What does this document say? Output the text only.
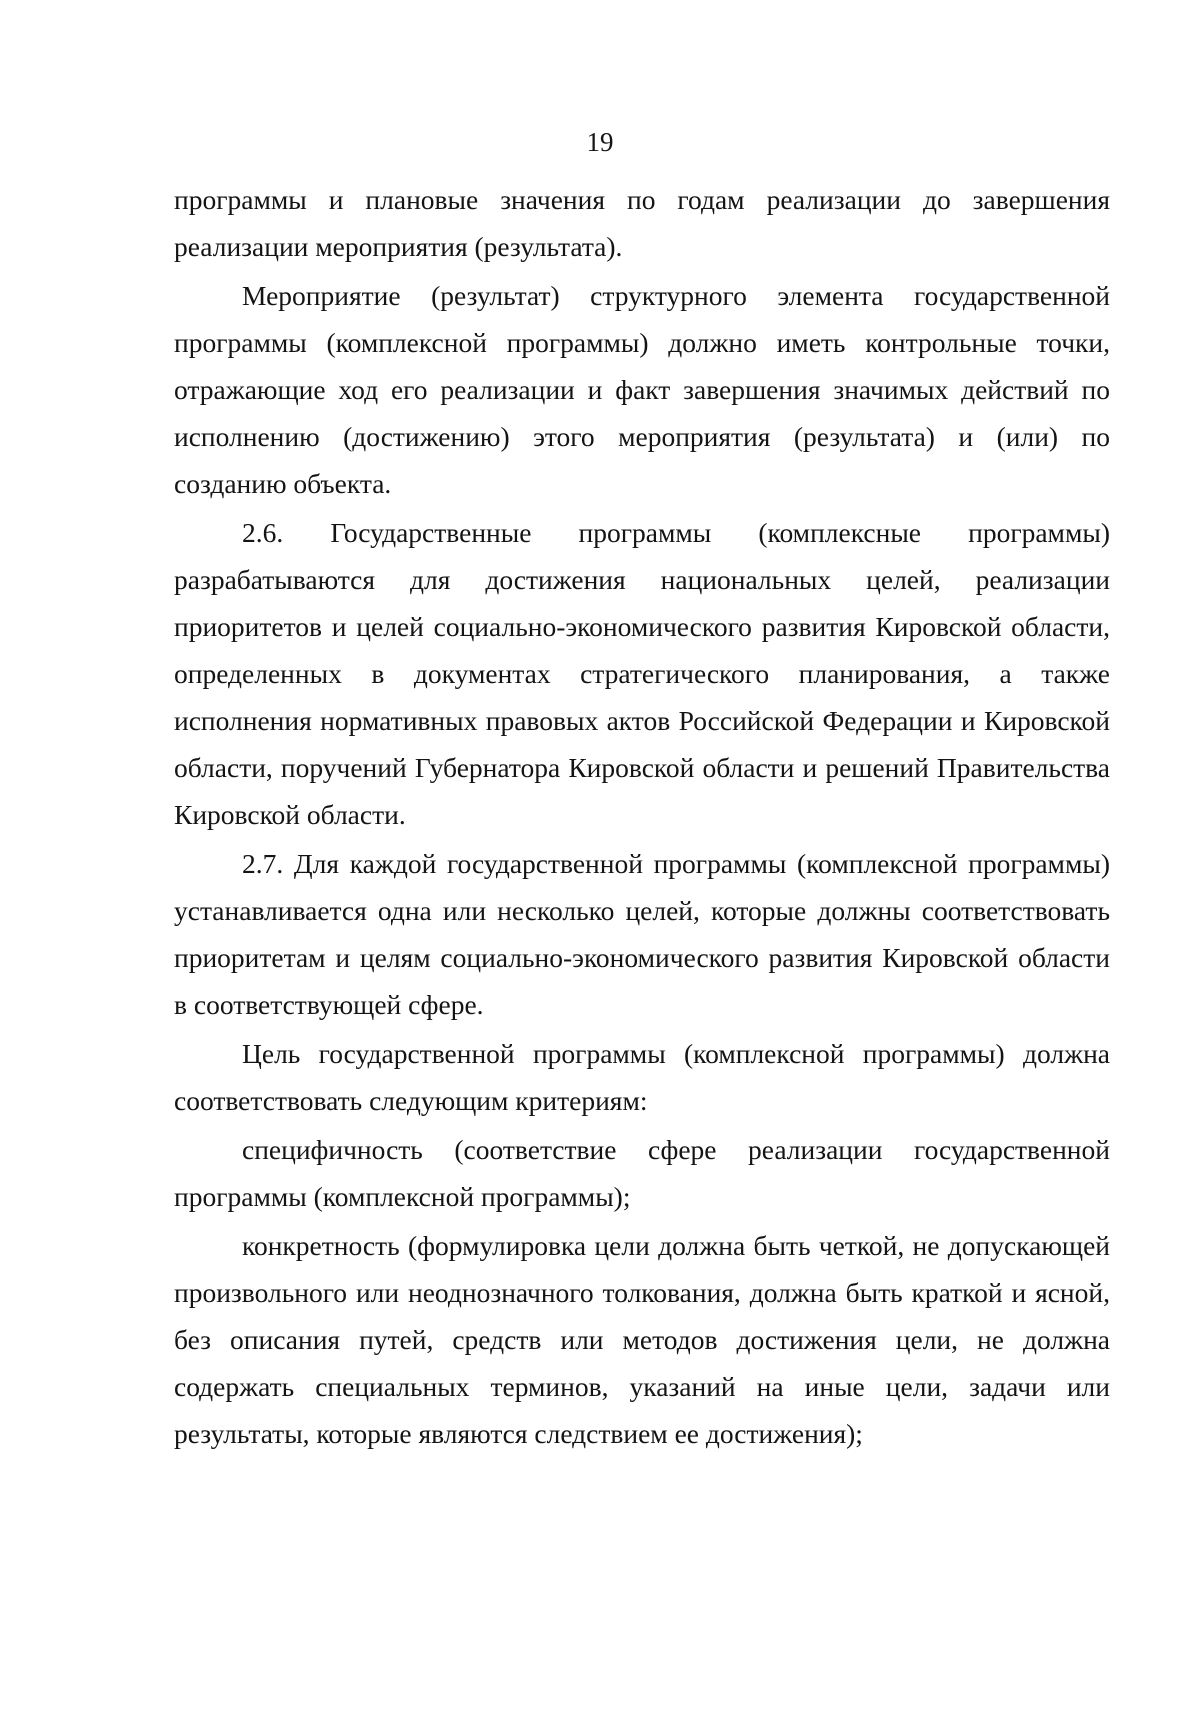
19

программы и плановые значения по годам реализации до завершения реализации мероприятия (результата).

Мероприятие (результат) структурного элемента государственной программы (комплексной программы) должно иметь контрольные точки, отражающие ход его реализации и факт завершения значимых действий по исполнению (достижению) этого мероприятия (результата) и (или) по созданию объекта.

2.6. Государственные программы (комплексные программы) разрабатываются для достижения национальных целей, реализации приоритетов и целей социально-экономического развития Кировской области, определенных в документах стратегического планирования, а также исполнения нормативных правовых актов Российской Федерации и Кировской области, поручений Губернатора Кировской области и решений Правительства Кировской области.

2.7. Для каждой государственной программы (комплексной программы) устанавливается одна или несколько целей, которые должны соответствовать приоритетам и целям социально-экономического развития Кировской области в соответствующей сфере.

Цель государственной программы (комплексной программы) должна соответствовать следующим критериям:

специфичность (соответствие сфере реализации государственной программы (комплексной программы);

конкретность (формулировка цели должна быть четкой, не допускающей произвольного или неоднозначного толкования, должна быть краткой и ясной, без описания путей, средств или методов достижения цели, не должна содержать специальных терминов, указаний на иные цели, задачи или результаты, которые являются следствием ее достижения);
